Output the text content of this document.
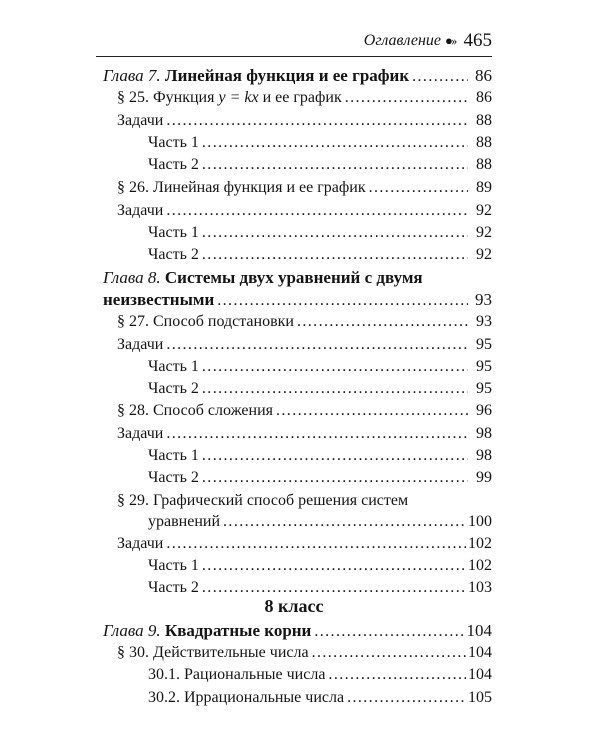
Оглавление ●›› 465
Глава 7. Линейная функция и ее график .....	86
§ 25. Функция y = kx и ее график .....	86
Задачи .....	88
Часть 1 .....	88
Часть 2 .....	88
§ 26. Линейная функция и ее график .....	89
Задачи .....	92
Часть 1 .....	92
Часть 2 .....	92
Глава 8. Системы двух уравнений с двумя
неизвестными .....	93
§ 27. Способ подстановки .....	93
Задачи .....	95
Часть 1 .....	95
Часть 2 .....	95
§ 28. Способ сложения .....	96
Задачи .....	98
Часть 1 .....	98
Часть 2 .....	99
§ 29. Графический способ решения систем
уравнений .....	100
Задачи .....	102
Часть 1 .....	102
Часть 2 .....	103
Глава 9. Квадратные корни .....	104
§ 30. Действительные числа .....	104
30.1. Рациональные числа .....	104
30.2. Иррациональные числа .....	105
8 класс
